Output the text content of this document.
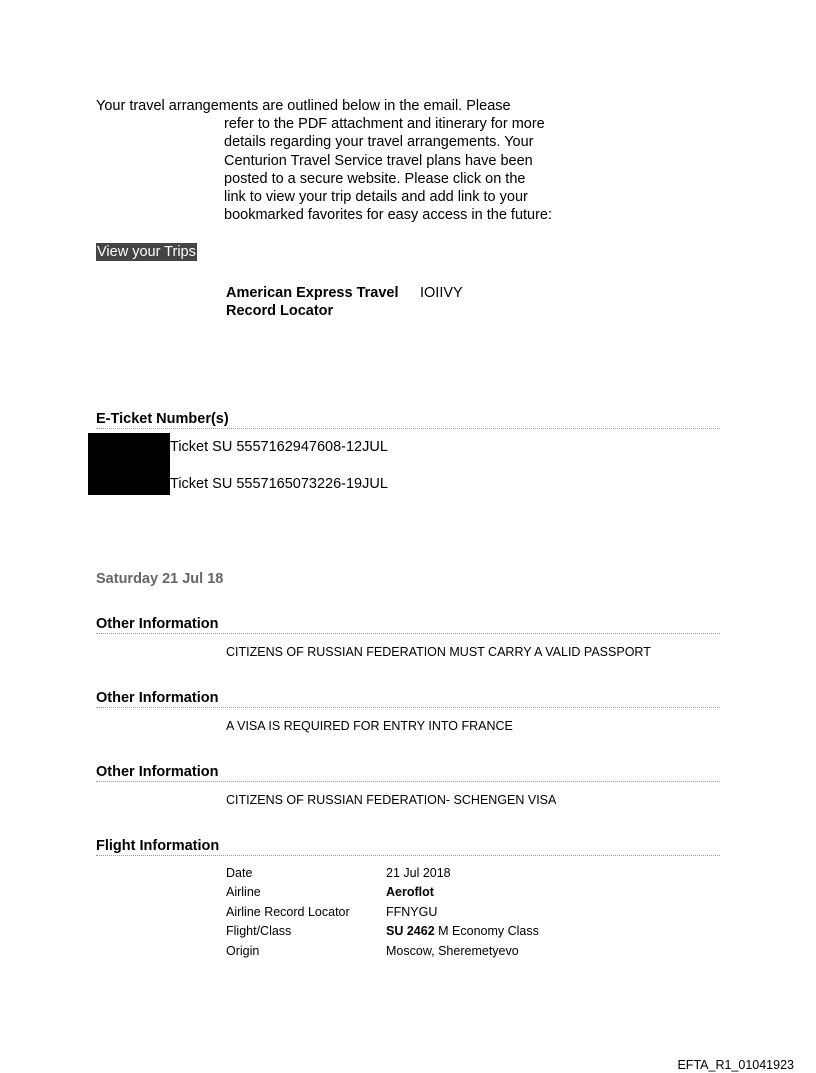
Your travel arrangements are outlined below in the email. Please
refer to the PDF attachment and itinerary for more
details regarding your travel arrangements. Your
Centurion Travel Service travel plans have been
posted to a secure website. Please click on the
link to view your trip details and add link to your
bookmarked favorites for easy access in the future:
View your Trips
American Express Travel
Record Locator
IOIIVY
E-Ticket Number(s)
Ticket SU 5557162947608-12JUL
Ticket SU 5557165073226-19JUL
Saturday 21 Jul 18
Other Information
CITIZENS OF RUSSIAN FEDERATION MUST CARRY A VALID PASSPORT
Other Information
A VISA IS REQUIRED FOR ENTRY INTO FRANCE
Other Information
CITIZENS OF RUSSIAN FEDERATION- SCHENGEN VISA
Flight Information
Date	21 Jul 2018
Airline	Aeroflot
Airline Record Locator	FFNYGU
Flight/Class	SU 2462 M Economy Class
Origin	Moscow, Sheremetyevo
EFTA_R1_01041923
